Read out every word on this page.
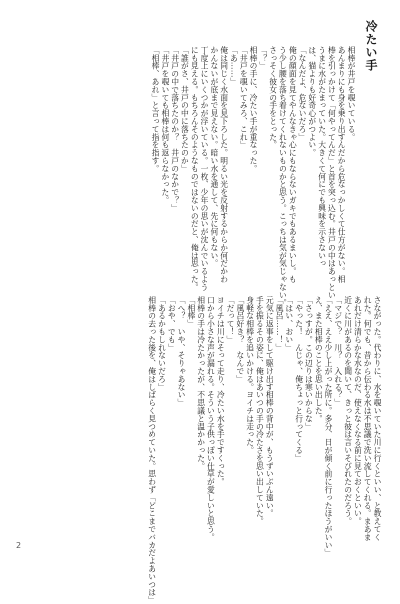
冷たい手
相棒が井戸を覗いている。
あんまりにも身を乗り出すんだから危なっかしくて仕方がない。相
棒を引っかけて「何やってんだ」と首を突っ込む。井戸の中はあっとい
うまに水がたまっていた。大きくて何にでも興味を示さないっ
は、猫よりも好奇心がつよい。
「なんだよ、危ないだろ」
俺の顔面を見てやんなきゃ心にもならないガキでもあるまいし。も
う少し腰を落ち着けてくれないものかと思う。こっちは気が気じゃない。
さっそく彼女の手をとった。
「？」
相棒の手に、冷たい手が重なった。
「井戸を覗いてみろ、これ」
「あ……」
俺は同じく水面を見下ろした。明るい光を反射するからか何だかわ
かんないが底まで見えない。暗い水を通して、先に何もない。
丁度上にいくつかが浮いている。一枚、少年の思いが沈んでいるよう
にも見える。もちろんそのようなものではないのだと、俺は思った。
「誰がさ、井戸の中に落ちたのか」
「井戸の中で落ちたのか？　井戸のなかで？」
「井戸を覗いても相棒は何も返らなかった。
「相棒、あれ」と言って指を指す。
さながった。代わりに、水を覗いていた川に行くといい、と教えてく
れた。何でも、昔から伝わる水は不思議で洗い流してくれる。まあま
あれだけ清らかな水なのだ、使えなくなる前に見ておくといい。
近くに川があるのを聞いて、きっと彼は言いそびれたのだろう。
「マジで？　川？　入れる？」
「ええ、ええ少し上がった所に。多分、日が傾く前に行ったほうがいい」
え、また相棒のことを思い出した。
「さっすが。この辺りは寒いからな」
「やった！　んじゃ、俺ちょっと行ってくる」
「はい、おい」
「風呂……！」
元気に返事をして駆け出す相棒の背中が、もうずいぶん遠い。
手を振るその姿に、俺はあいつの手の冷たさを思い出していた。
身軽な相棒を追いかける。ヨイチは走った。
「風呂好き？　なんで」
「だって！」
ヨイチは川にそって走り、冷たい水を手ですくった。
口から小さな声が漏れる。そういう子供っぽい仕草が愛しいと思う。
相棒の手は冷たかったが、不思議と温かかった。
「相棒」
「へ？　いや、そりゃあない」
「おや、でも」
「あるかもしれないだろ」
相棒の去った後を、俺はしばらく見つめていた。思わず「どこまでバカだよあいつは」
2
